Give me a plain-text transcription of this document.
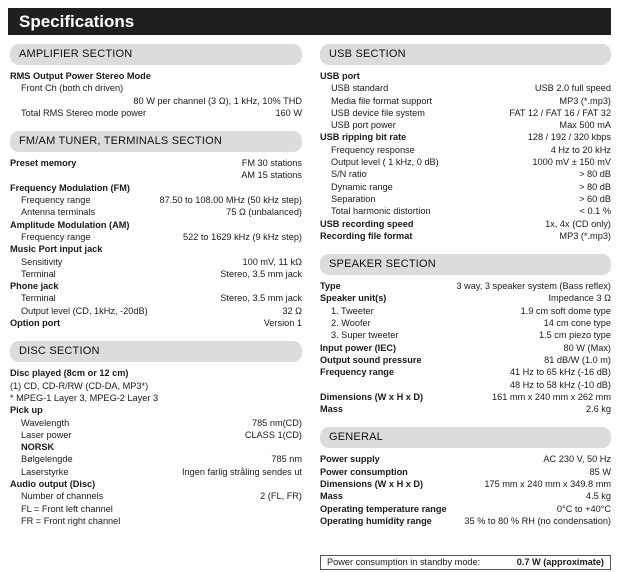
Specifications
AMPLIFIER SECTION
RMS Output Power Stereo Mode
Front Ch (both ch driven)
80 W per channel (3 Ω), 1 kHz, 10% THD
Total RMS Stereo mode power	160 W
FM/AM TUNER, TERMINALS SECTION
Preset memory	FM 30 stations
AM 15 stations
Frequency Modulation (FM)
Frequency range	87.50 to 108.00 MHz (50 kHz step)
Antenna terminals	75 Ω (unbalanced)
Amplitude Modulation (AM)
Frequency range	522 to 1629 kHz (9 kHz step)
Music Port input jack
Sensitivity	100 mV, 11 kΩ
Terminal	Stereo, 3.5 mm jack
Phone jack
Terminal	Stereo, 3.5 mm jack
Output level (CD, 1kHz, -20dB)	32 Ω
Option port	Version 1
DISC SECTION
Disc played (8cm or 12 cm)
(1) CD, CD-R/RW (CD-DA, MP3*)
* MPEG-1 Layer 3, MPEG-2 Layer 3
Pick up
Wavelength	785 nm(CD)
Laser power	CLASS 1(CD)
NORSK
Bølgelengde	785 nm
Laserstyrke	Ingen farlig stråling sendes ut
Audio output (Disc)
Number of channels	2 (FL, FR)
FL = Front left channel
FR = Front right channel
USB SECTION
USB port
USB standard	USB 2.0 full speed
Media file format support	MP3 (*.mp3)
USB device file system	FAT 12 / FAT 16 / FAT 32
USB port power	Max 500 mA
USB ripping bit rate	128 / 192 / 320 kbps
Frequency response	4 Hz to 20 kHz
Output level ( 1 kHz, 0 dB)	1000 mV ± 150 mV
S/N ratio	> 80 dB
Dynamic range	> 80 dB
Separation	> 60 dB
Total harmonic distortion	< 0.1 %
USB recording speed	1x, 4x (CD only)
Recording file format	MP3 (*.mp3)
SPEAKER SECTION
Type	3 way, 3 speaker system (Bass reflex)
Speaker unit(s)	Impedance 3 Ω
1. Tweeter	1.9 cm soft dome type
2. Woofer	14 cm cone type
3. Super tweeter	1.5 cm piezo type
Input power (IEC)	80 W (Max)
Output sound pressure	81 dB/W (1.0 m)
Frequency range	41 Hz to 65 kHz (-16 dB)
48 Hz to 58 kHz (-10 dB)
Dimensions (W x H x D)	161 mm x 240 mm x 262 mm
Mass	2.6 kg
GENERAL
Power supply	AC 230 V, 50 Hz
Power consumption	85 W
Dimensions (W x H x D)	175 mm x 240 mm x 349.8 mm
Mass	4.5 kg
Operating temperature range	0°C to +40°C
Operating humidity range	35 % to 80 % RH (no condensation)
Power consumption in standby mode:	0.7 W (approximate)
